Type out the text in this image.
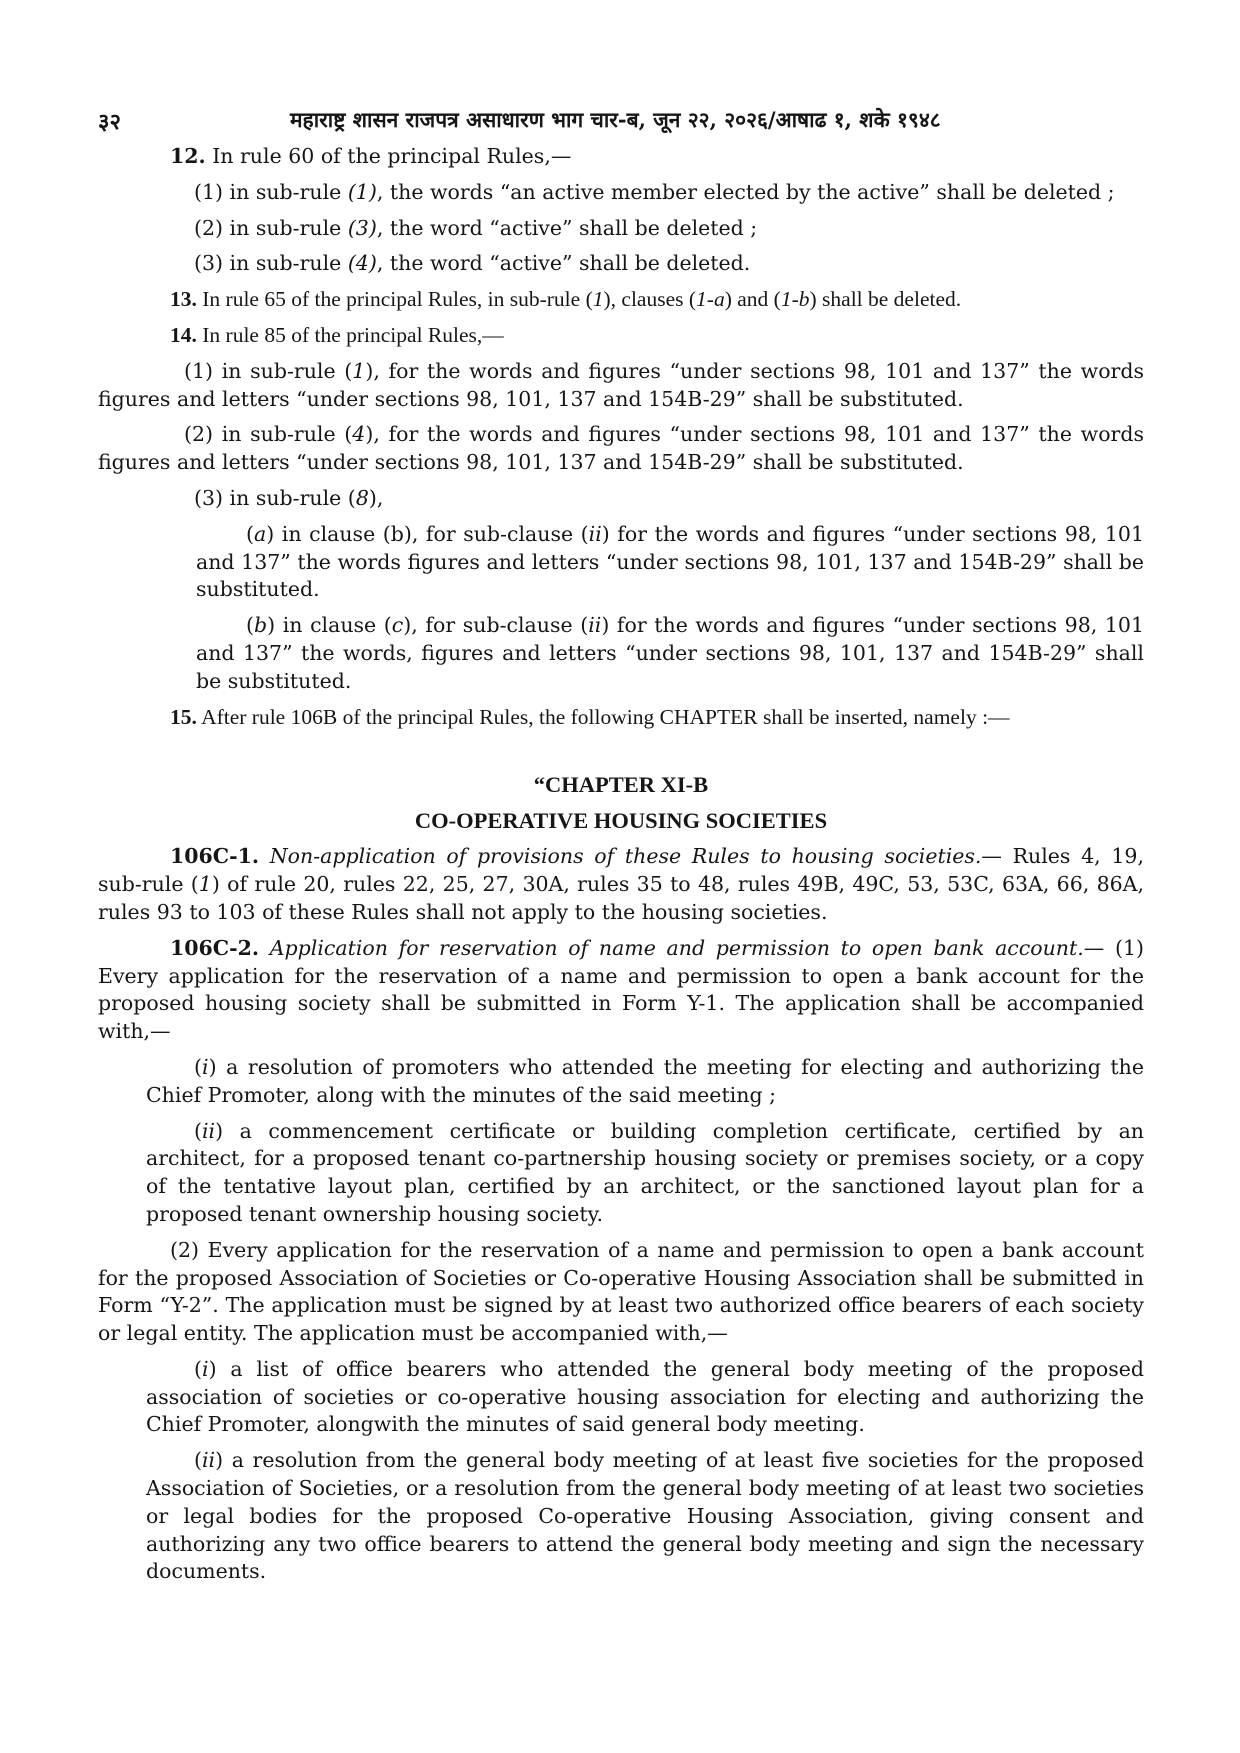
३२	महाराष्ट्र शासन राजपत्र असाधारण भाग चार-ब, जून २२, २०२६/आषाढ १, शके १९४८

12. In rule 60 of the principal Rules,—

(1) in sub-rule (1), the words “an active member elected by the active” shall be deleted ;

(2) in sub-rule (3), the word “active” shall be deleted ;

(3) in sub-rule (4), the word “active” shall be deleted.

13. In rule 65 of the principal Rules, in sub-rule (1), clauses (1-a) and (1-b) shall be deleted.

14. In rule 85 of the principal Rules,—

(1) in sub-rule (1), for the words and figures “under sections 98, 101 and 137” the words figures and letters “under sections 98, 101, 137 and 154B-29” shall be substituted.

(2) in sub-rule (4), for the words and figures “under sections 98, 101 and 137” the words figures and letters “under sections 98, 101, 137 and 154B-29” shall be substituted.

(3) in sub-rule (8),

(a) in clause (b), for sub-clause (ii) for the words and figures “under sections 98, 101 and 137” the words figures and letters “under sections 98, 101, 137 and 154B-29” shall be substituted.

(b) in clause (c), for sub-clause (ii) for the words and figures “under sections 98, 101 and 137” the words, figures and letters “under sections 98, 101, 137 and 154B-29” shall be substituted.

15. After rule 106B of the principal Rules, the following CHAPTER shall be inserted, namely :—

“CHAPTER XI-B

CO-OPERATIVE HOUSING SOCIETIES

106C-1. Non-application of provisions of these Rules to housing societies.— Rules 4, 19, sub-rule (1) of rule 20, rules 22, 25, 27, 30A, rules 35 to 48, rules 49B, 49C, 53, 53C, 63A, 66, 86A, rules 93 to 103 of these Rules shall not apply to the housing societies.

106C-2. Application for reservation of name and permission to open bank account.— (1) Every application for the reservation of a name and permission to open a bank account for the proposed housing society shall be submitted in Form Y-1. The application shall be accompanied with,—

(i) a resolution of promoters who attended the meeting for electing and authorizing the Chief Promoter, along with the minutes of the said meeting ;

(ii) a commencement certificate or building completion certificate, certified by an architect, for a proposed tenant co-partnership housing society or premises society, or a copy of the tentative layout plan, certified by an architect, or the sanctioned layout plan for a proposed tenant ownership housing society.

(2) Every application for the reservation of a name and permission to open a bank account for the proposed Association of Societies or Co-operative Housing Association shall be submitted in Form “Y-2”. The application must be signed by at least two authorized office bearers of each society or legal entity. The application must be accompanied with,—

(i) a list of office bearers who attended the general body meeting of the proposed association of societies or co-operative housing association for electing and authorizing the Chief Promoter, alongwith the minutes of said general body meeting.

(ii) a resolution from the general body meeting of at least five societies for the proposed Association of Societies, or a resolution from the general body meeting of at least two societies or legal bodies for the proposed Co-operative Housing Association, giving consent and authorizing any two office bearers to attend the general body meeting and sign the necessary documents.
